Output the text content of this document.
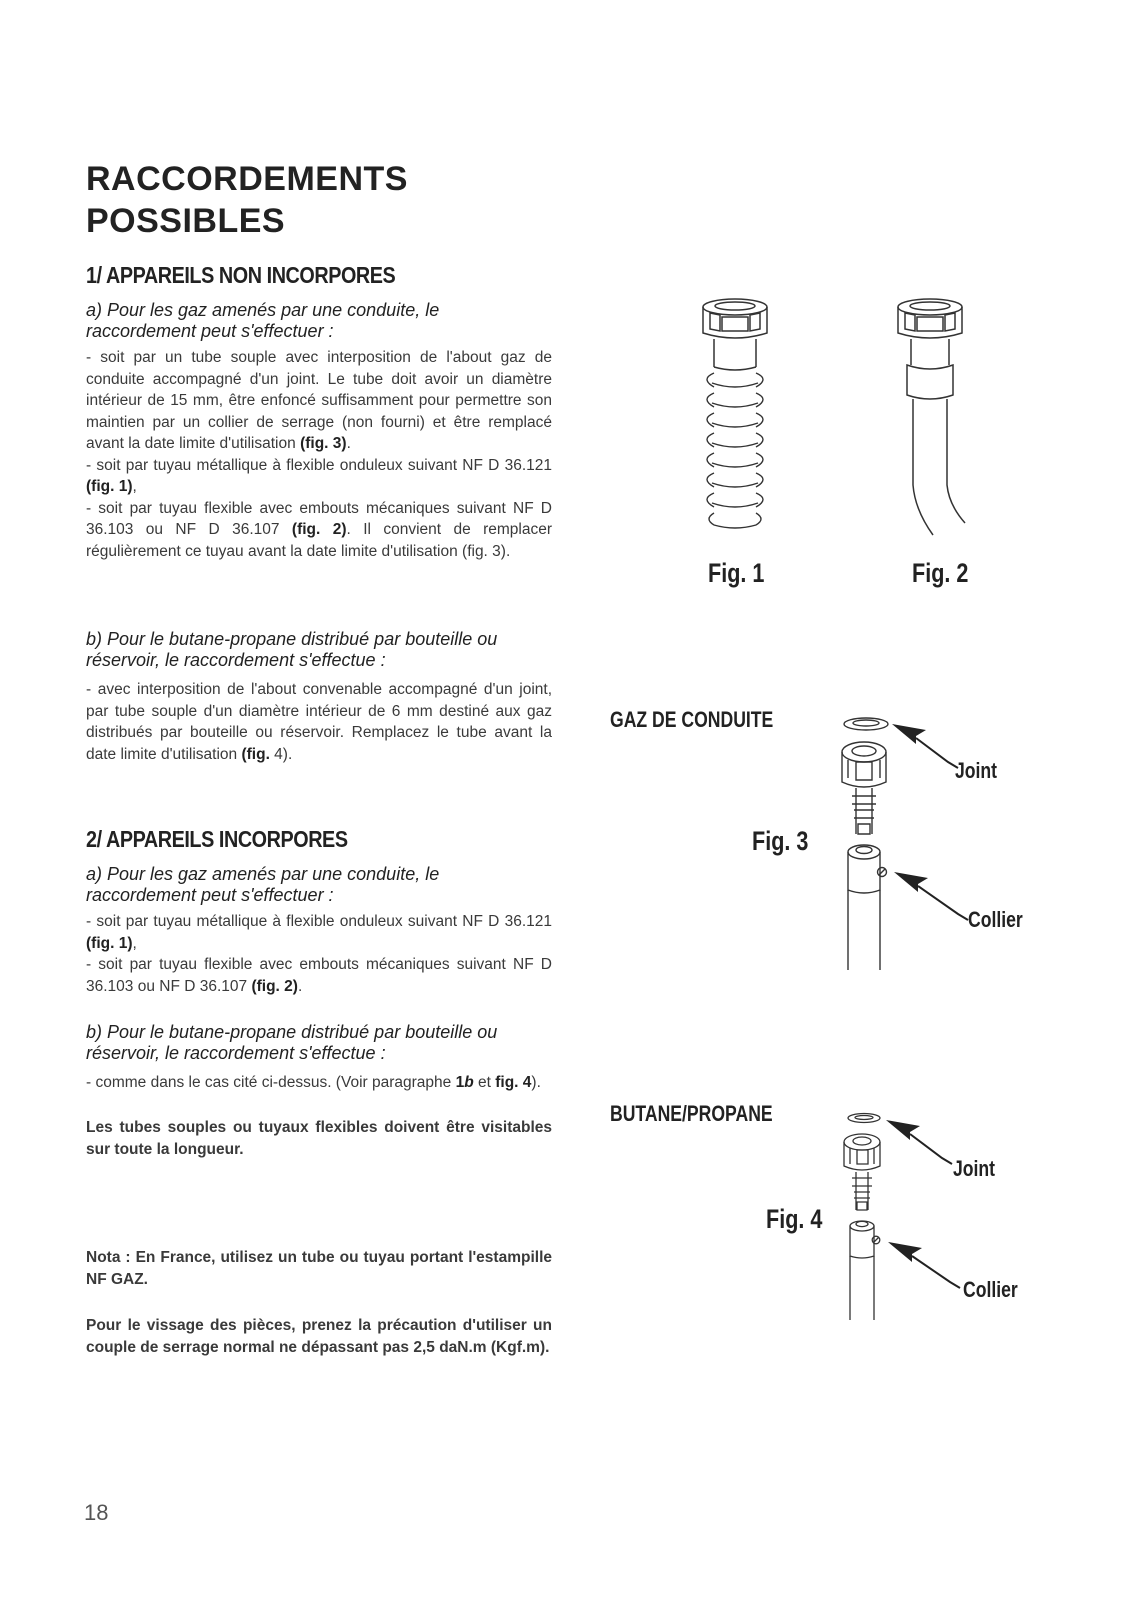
RACCORDEMENTS
POSSIBLES
1/ APPAREILS NON INCORPORES
a) Pour les gaz amenés par une conduite, le raccordement peut s'effectuer :

- soit par un tube souple avec interposition de l'about gaz de conduite accompagné d'un joint. Le tube doit avoir un diamètre intérieur de 15 mm, être enfoncé suffisamment pour permettre son maintien par un collier de serrage (non fourni) et être remplacé avant la date limite d'utilisation (fig. 3).

- soit par tuyau métallique à flexible onduleux suivant NF D 36.121 (fig. 1),

- soit par tuyau flexible avec embouts mécaniques suivant NF D 36.103 ou NF D 36.107 (fig. 2). Il convient de remplacer régulièrement ce tuyau avant la date limite d'utilisation (fig. 3).

b) Pour le butane-propane distribué par bouteille ou réservoir, le raccordement s'effectue :

- avec interposition de l'about convenable accompagné d'un joint, par tube souple d'un diamètre intérieur de 6 mm destiné aux gaz distribués par bouteille ou réservoir. Remplacez le tube avant la date limite d'utilisation (fig. 4).

2/ APPAREILS INCORPORES
a) Pour les gaz amenés par une conduite, le raccordement peut s'effectuer :

- soit par tuyau métallique à flexible onduleux suivant NF D 36.121 (fig. 1),

- soit par tuyau flexible avec embouts mécaniques suivant NF D 36.103 ou NF D 36.107 (fig. 2).

b) Pour le butane-propane distribué par bouteille ou réservoir, le raccordement s'effectue :

- comme dans le cas cité ci-dessus. (Voir paragraphe 1b et fig. 4).

Les tubes souples ou tuyaux flexibles doivent être visitables sur toute la longueur.
Nota : En France, utilisez un tube ou tuyau portant l'estampille NF GAZ.
Pour le vissage des pièces, prenez la précaution d'utiliser un couple de serrage normal ne dépassant pas 2,5 daN.m (Kgf.m).
18
Fig. 1	Fig. 2
GAZ DE CONDUITE
Fig. 3
Joint
Collier
BUTANE/PROPANE
Fig. 4
Joint
Collier
